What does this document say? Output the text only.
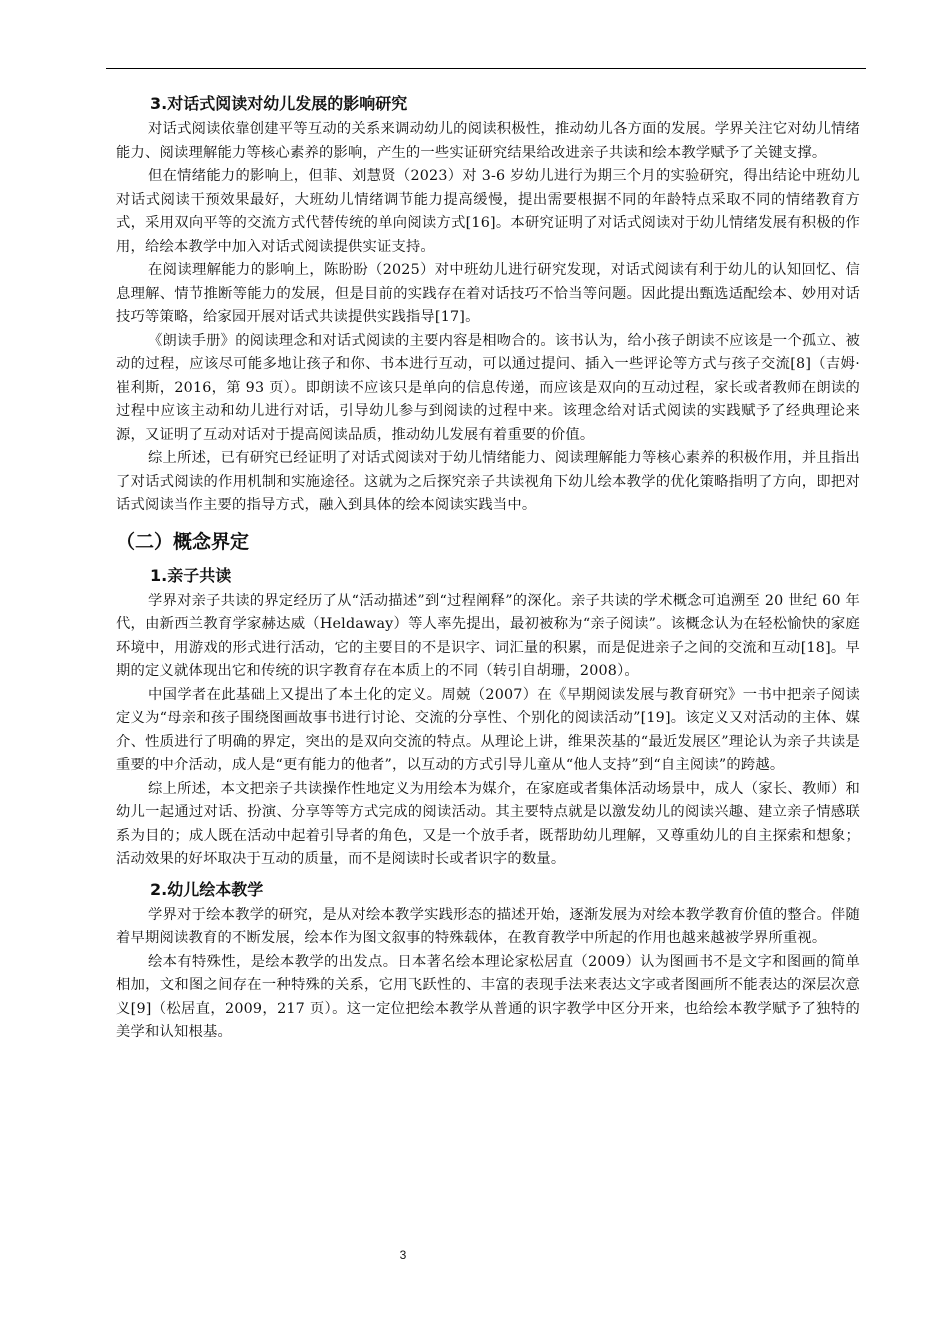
3.对话式阅读对幼儿发展的影响研究

对话式阅读依靠创建平等互动的关系来调动幼儿的阅读积极性，推动幼儿各方面的发展。学界关注它对幼儿情绪能力、阅读理解能力等核心素养的影响，产生的一些实证研究结果给改进亲子共读和绘本教学赋予了关键支撑。

但在情绪能力的影响上，但菲、刘慧贤（2023）对 3-6 岁幼儿进行为期三个月的实验研究，得出结论中班幼儿对话式阅读干预效果最好，大班幼儿情绪调节能力提高缓慢，提出需要根据不同的年龄特点采取不同的情绪教育方式，采用双向平等的交流方式代替传统的单向阅读方式[16]。本研究证明了对话式阅读对于幼儿情绪发展有积极的作用，给绘本教学中加入对话式阅读提供实证支持。

在阅读理解能力的影响上，陈盼盼（2025）对中班幼儿进行研究发现，对话式阅读有利于幼儿的认知回忆、信息理解、情节推断等能力的发展，但是目前的实践存在着对话技巧不恰当等问题。因此提出甄选适配绘本、妙用对话技巧等策略，给家园开展对话式共读提供实践指导[17]。

《朗读手册》的阅读理念和对话式阅读的主要内容是相吻合的。该书认为，给小孩子朗读不应该是一个孤立、被动的过程，应该尽可能多地让孩子和你、书本进行互动，可以通过提问、插入一些评论等方式与孩子交流[8]（吉姆·崔利斯，2016，第 93 页）。即朗读不应该只是单向的信息传递，而应该是双向的互动过程，家长或者教师在朗读的过程中应该主动和幼儿进行对话，引导幼儿参与到阅读的过程中来。该理念给对话式阅读的实践赋予了经典理论来源，又证明了互动对话对于提高阅读品质，推动幼儿发展有着重要的价值。

综上所述，已有研究已经证明了对话式阅读对于幼儿情绪能力、阅读理解能力等核心素养的积极作用，并且指出了对话式阅读的作用机制和实施途径。这就为之后探究亲子共读视角下幼儿绘本教学的优化策略指明了方向，即把对话式阅读当作主要的指导方式，融入到具体的绘本阅读实践当中。

（二）概念界定
1.亲子共读

学界对亲子共读的界定经历了从“活动描述”到“过程阐释”的深化。亲子共读的学术概念可追溯至 20 世纪 60 年代，由新西兰教育学家赫达威（Heldaway）等人率先提出，最初被称为“亲子阅读”。该概念认为在轻松愉快的家庭环境中，用游戏的形式进行活动，它的主要目的不是识字、词汇量的积累，而是促进亲子之间的交流和互动[18]。早期的定义就体现出它和传统的识字教育存在本质上的不同（转引自胡珊，2008）。

中国学者在此基础上又提出了本土化的定义。周兢（2007）在《早期阅读发展与教育研究》一书中把亲子阅读定义为“母亲和孩子围绕图画故事书进行讨论、交流的分享性、个别化的阅读活动”[19]。该定义又对活动的主体、媒介、性质进行了明确的界定，突出的是双向交流的特点。从理论上讲，维果茨基的“最近发展区”理论认为亲子共读是重要的中介活动，成人是“更有能力的他者”，以互动的方式引导儿童从“他人支持”到“自主阅读”的跨越。

综上所述，本文把亲子共读操作性地定义为用绘本为媒介，在家庭或者集体活动场景中，成人（家长、教师）和幼儿一起通过对话、扮演、分享等等方式完成的阅读活动。其主要特点就是以激发幼儿的阅读兴趣、建立亲子情感联系为目的；成人既在活动中起着引导者的角色，又是一个放手者，既帮助幼儿理解，又尊重幼儿的自主探索和想象；活动效果的好坏取决于互动的质量，而不是阅读时长或者识字的数量。

2.幼儿绘本教学

学界对于绘本教学的研究，是从对绘本教学实践形态的描述开始，逐渐发展为对绘本教学教育价值的整合。伴随着早期阅读教育的不断发展，绘本作为图文叙事的特殊载体，在教育教学中所起的作用也越来越被学界所重视。

绘本有特殊性，是绘本教学的出发点。日本著名绘本理论家松居直（2009）认为图画书不是文字和图画的简单相加，文和图之间存在一种特殊的关系，它用飞跃性的、丰富的表现手法来表达文字或者图画所不能表达的深层次意义[9]（松居直，2009，217 页）。这一定位把绘本教学从普通的识字教学中区分开来，也给绘本教学赋予了独特的美学和认知根基。

3
